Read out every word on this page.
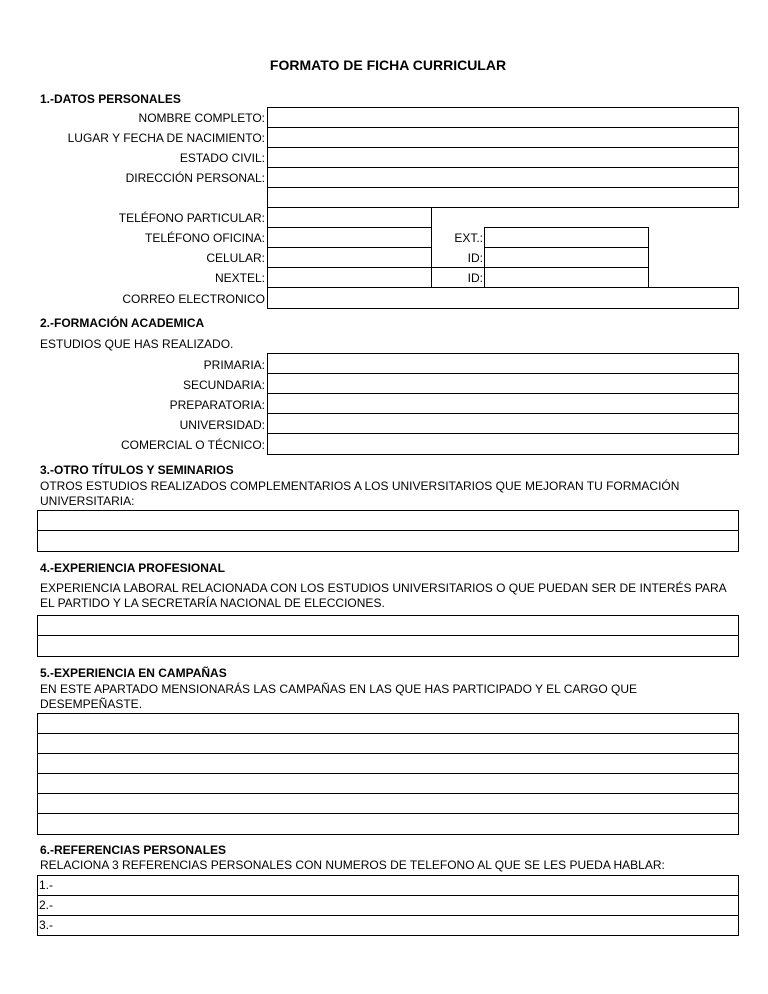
FORMATO DE FICHA CURRICULAR
1.-DATOS PERSONALES
NOMBRE COMPLETO:
LUGAR Y FECHA DE NACIMIENTO:
ESTADO CIVIL:
DIRECCIÓN PERSONAL:
TELÉFONO PARTICULAR:
TELÉFONO OFICINA:
CELULAR:
NEXTEL:
CORREO ELECTRONICO
EXT.:
ID:
ID:
2.-FORMACIÓN ACADEMICA
ESTUDIOS QUE HAS REALIZADO.
PRIMARIA:
SECUNDARIA:
PREPARATORIA:
UNIVERSIDAD:
COMERCIAL O TÉCNICO:
3.-OTRO TÍTULOS Y SEMINARIOS
OTROS ESTUDIOS REALIZADOS COMPLEMENTARIOS A LOS UNIVERSITARIOS QUE MEJORAN TU FORMACIÓN UNIVERSITARIA:
4.-EXPERIENCIA PROFESIONAL
EXPERIENCIA LABORAL RELACIONADA CON LOS ESTUDIOS UNIVERSITARIOS O QUE PUEDAN SER DE INTERÉS PARA EL PARTIDO Y LA SECRETARÍA NACIONAL DE ELECCIONES.
5.-EXPERIENCIA EN CAMPAÑAS
EN ESTE APARTADO MENSIONARÁS LAS CAMPAÑAS EN LAS QUE HAS PARTICIPADO Y EL CARGO QUE DESEMPEÑASTE.
6.-REFERENCIAS PERSONALES
RELACIONA 3 REFERENCIAS PERSONALES CON NUMEROS DE TELEFONO AL QUE SE LES PUEDA HABLAR:
1.-
2.-
3.-
